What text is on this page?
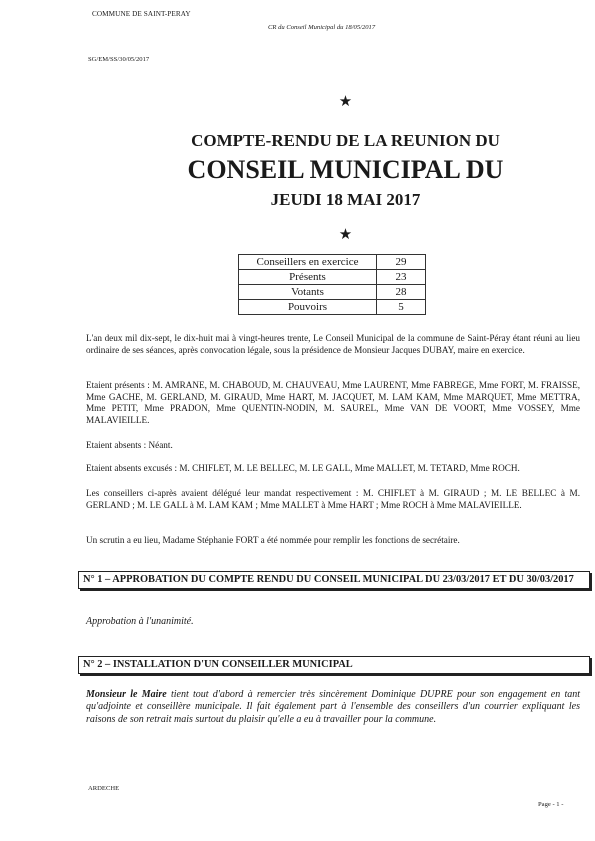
COMMUNE DE SAINT-PERAY
CR du Conseil Municipal du 18/05/2017
SG/EM/SS/30/05/2017
★
COMPTE-RENDU DE LA REUNION DU
CONSEIL MUNICIPAL DU
JEUDI 18 MAI 2017
★
Conseillers en exercice	29
Présents	23
Votants	28
Pouvoirs	5
L'an deux mil dix-sept, le dix-huit mai à vingt-heures trente, Le Conseil Municipal de la commune de Saint-Péray étant réuni au lieu ordinaire de ses séances, après convocation légale, sous la présidence de Monsieur Jacques DUBAY, maire en exercice.
Etaient présents : M. AMRANE, M. CHABOUD, M. CHAUVEAU, Mme LAURENT, Mme FABREGE, Mme FORT, M. FRAISSE, Mme GACHE, M. GERLAND, M. GIRAUD, Mme HART, M. JACQUET, M. LAM KAM, Mme MARQUET, Mme METTRA, Mme PETIT, Mme PRADON, Mme QUENTIN-NODIN, M. SAUREL, Mme VAN DE VOORT, Mme VOSSEY, Mme MALAVIEILLE.
Etaient absents : Néant.
Etaient absents excusés : M. CHIFLET, M. LE BELLEC, M. LE GALL, Mme MALLET, M. TETARD, Mme ROCH.
Les conseillers ci-après avaient délégué leur mandat respectivement : M. CHIFLET à M. GIRAUD ; M. LE BELLEC à M. GERLAND ; M. LE GALL à M. LAM KAM ; Mme MALLET à Mme HART ; Mme ROCH à Mme MALAVIEILLE.
Un scrutin a eu lieu, Madame Stéphanie FORT a été nommée pour remplir les fonctions de secrétaire.
N° 1 – APPROBATION DU COMPTE RENDU DU CONSEIL MUNICIPAL DU 23/03/2017 ET DU 30/03/2017
Approbation à l'unanimité.
N° 2 – INSTALLATION D'UN CONSEILLER MUNICIPAL
Monsieur le Maire tient tout d'abord à remercier très sincèrement Dominique DUPRE pour son engagement en tant qu'adjointe et conseillère municipale. Il fait également part à l'ensemble des conseillers d'un courrier expliquant les raisons de son retrait mais surtout du plaisir qu'elle a eu à travailler pour la commune.
ARDECHE
Page - 1 -
